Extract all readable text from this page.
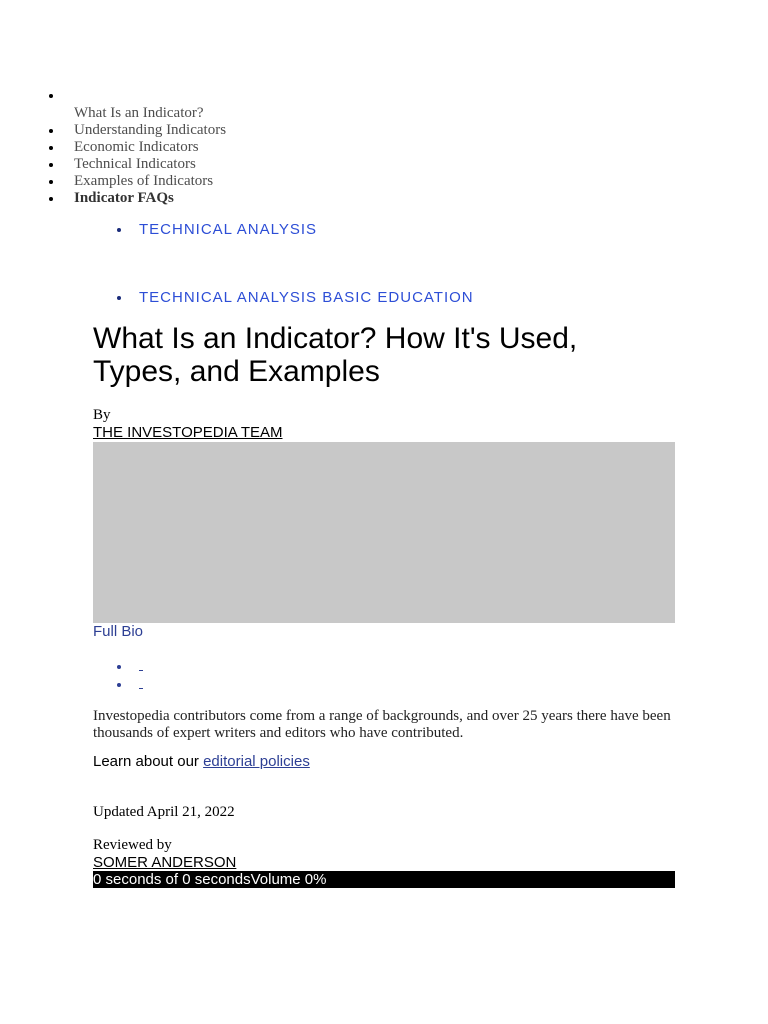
What Is an Indicator?
Understanding Indicators
Economic Indicators
Technical Indicators
Examples of Indicators
Indicator FAQs
TECHNICAL ANALYSIS
TECHNICAL ANALYSIS BASIC EDUCATION
What Is an Indicator? How It's Used, Types, and Examples
By
THE INVESTOPEDIA TEAM
Full Bio
Investopedia contributors come from a range of backgrounds, and over 25 years there have been thousands of expert writers and editors who have contributed.
Learn about our editorial policies
Updated April 21, 2022
Reviewed by
SOMER ANDERSON
0 seconds of 0 secondsVolume 0%
